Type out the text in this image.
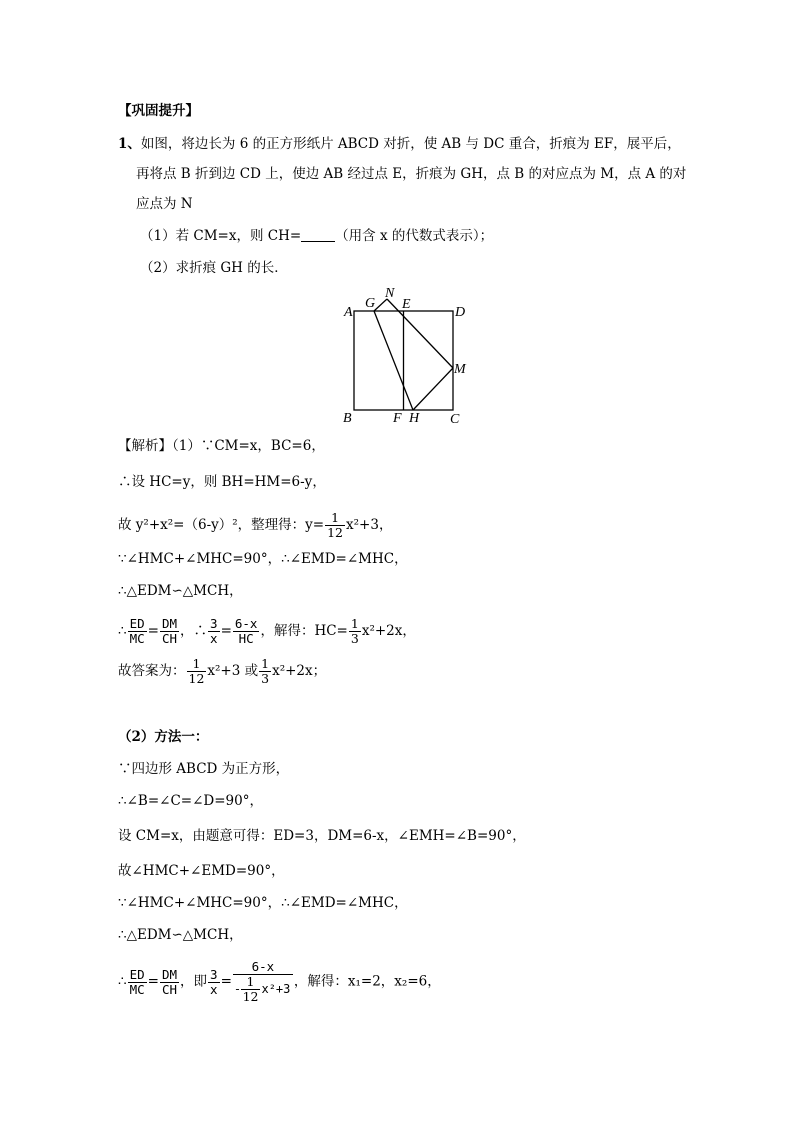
【巩固提升】
1、如图，将边长为 6 的正方形纸片 ABCD 对折，使 AB 与 DC 重合，折痕为 EF，展平后，
再将点 B 折到边 CD 上，使边 AB 经过点 E，折痕为 GH，点 B 的对应点为 M，点 A 的对
应点为 N
（1）若 CM=x，则 CH=	（用含 x 的代数式表示）；
（2）求折痕 GH 的长．
A
G
N
E
D
M
B	F H C
【解析】（1）∵CM=x，BC=6，
∴设 HC=y，则 BH=HM=6-y，
故 y²+x²=（6-y）²，整理得：$y= \frac{1}{12} x^2+3$，
∵∠HMC+∠MHC=90°，∴∠EMD=∠MHC，
∴△EDM∽△MCH，
∴ $\frac{ED}{MC} = \frac{DM}{CH}$ ，∴ $\frac{3}{x} = \frac{6-x}{HC}$ ，解得：$HC= \frac{1}{3} x^2+2x$，
故答案为： $\frac{1}{12} x^2+3$ 或 $\frac{1}{3} x^2+2x$；
（2）方法一：
∵四边形 ABCD 为正方形，
∴∠B=∠C=∠D=90°，
设 CM=x，由题意可得：ED=3，DM=6-x，∠EMH=∠B=90°，
故∠HMC+∠EMD=90°，
∵∠HMC+∠MHC=90°，∴∠EMD=∠MHC，
∴△EDM∽△MCH，
∴ $\frac{ED}{MC} = \frac{DM}{CH}$ ，即 $\frac{3}{x} = \frac{6-x}{- \frac{1}{12} x^2+3}$ ，解得：x₁=2，x₂=6，
